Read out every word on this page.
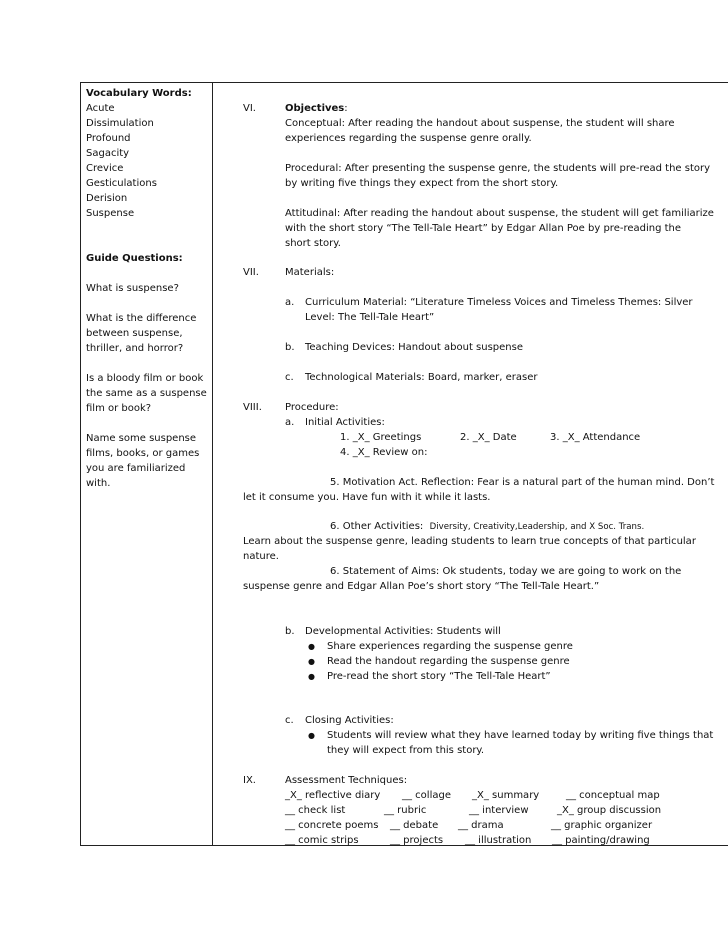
Vocabulary Words:
Acute
Dissimulation
Profound
Sagacity
Crevice
Gesticulations
Derision
Suspense
Guide Questions:
What is suspense?
What is the difference
between suspense,
thriller, and horror?
Is a bloody film or book
the same as a suspense
film or book?
Name some suspense
films, books, or games
you are familiarized
with.
VI.	Objectives:
Conceptual: After reading the handout about suspense, the student will share
experiences regarding the suspense genre orally.
Procedural: After presenting the suspense genre, the students will pre-read the story
by writing five things they expect from the short story.
Attitudinal: After reading the handout about suspense, the student will get familiarize
with the short story “The Tell-Tale Heart” by Edgar Allan Poe by pre-reading the
short story.
VII.	Materials:
a. Curriculum Material: “Literature Timeless Voices and Timeless Themes: Silver
Level: The Tell-Tale Heart”
b. Teaching Devices: Handout about suspense
c. Technological Materials: Board, marker, eraser
VIII. Procedure:
a. Initial Activities:
1. _X_ Greetings	2. _X_ Date	3. _X_ Attendance
4. _X_ Review on:
5. Motivation Act. Reflection: Fear is a natural part of the human mind. Don’t
let it consume you. Have fun with it while it lasts.
6. Other Activities: Diversity, Creativity,Leadership, and X Soc. Trans.
Learn about the suspense genre, leading students to learn true concepts of that particular
nature.
6. Statement of Aims: Ok students, today we are going to work on the
suspense genre and Edgar Allan Poe’s short story “The Tell-Tale Heart.”
b. Developmental Activities: Students will
● Share experiences regarding the suspense genre
● Read the handout regarding the suspense genre
● Pre-read the short story “The Tell-Tale Heart”
c. Closing Activities:
● Students will review what they have learned today by writing five things that
they will expect from this story.
IX.	Assessment Techniques:
_X_ reflective diary __ collage _X_ summary	__ conceptual map
__ check list	__ rubric	__ interview	_X_ group discussion
__ concrete poems __ debate __ drama	__ graphic organizer
__ comic strips	__ projects __ illustration __ painting/drawing
